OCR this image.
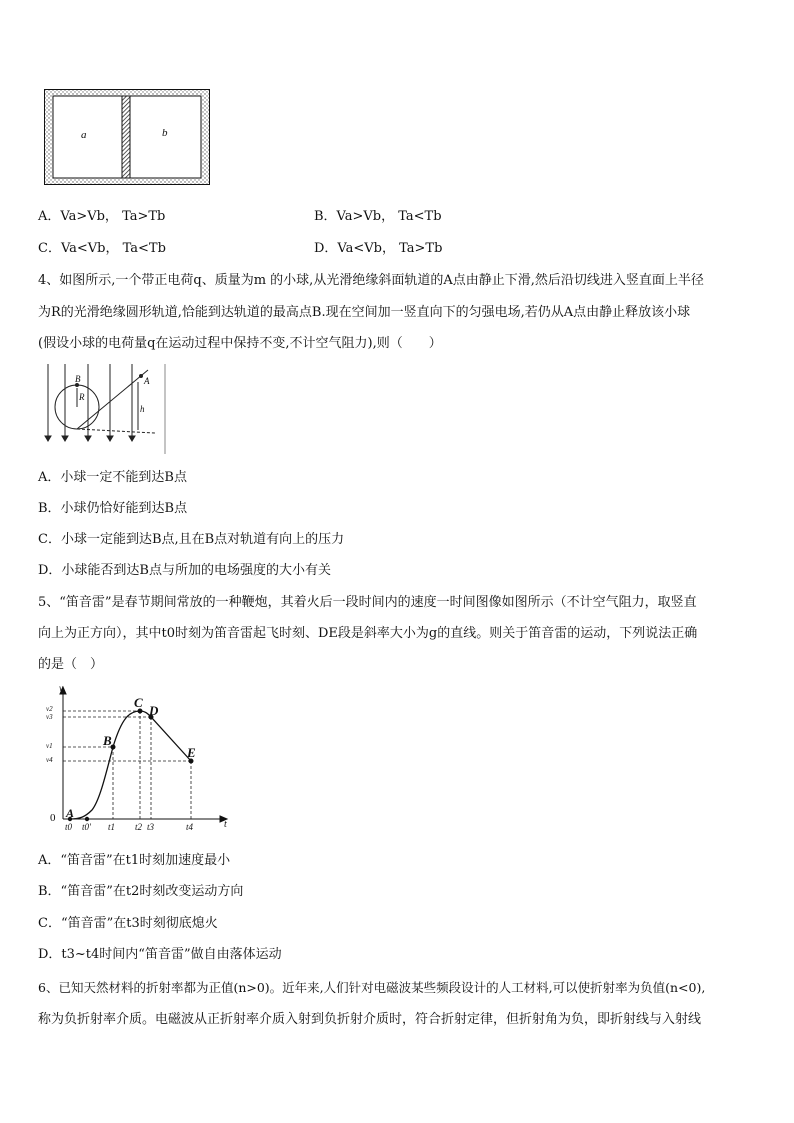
a	b
A．Va>Vb， Ta>Tb	B．Va>Vb， Ta<Tb
C．Va<Vb， Ta<Tb	D．Va<Vb， Ta>Tb
4、如图所示,一个带正电荷q、质量为m 的小球,从光滑绝缘斜面轨道的A点由静止下滑,然后沿切线进入竖直面上半径
为R的光滑绝缘圆形轨道,恰能到达轨道的最高点B.现在空间加一竖直向下的匀强电场,若仍从A点由静止释放该小球
(假设小球的电荷量q在运动过程中保持不变,不计空气阻力),则（　　）
B
R
A
h
A．小球一定不能到达B点
B．小球仍恰好能到达B点
C．小球一定能到达B点,且在B点对轨道有向上的压力
D．小球能否到达B点与所加的电场强度的大小有关
5、“笛音雷”是春节期间常放的一种鞭炮，其着火后一段时间内的速度一时间图像如图所示（不计空气阻力，取竖直
向上为正方向），其中t0时刻为笛音雷起飞时刻、DE段是斜率大小为g的直线。则关于笛音雷的运动，下列说法正确
的是（　）
v
t
0
v2
v3
v1
v4
t0 t0' t1 t2 t3	t4
A
B
C
D
E
A．“笛音雷”在t1时刻加速度最小
B．“笛音雷”在t2时刻改变运动方向
C．“笛音雷”在t3时刻彻底熄火
D．t3~t4时间内“笛音雷”做自由落体运动
6、已知天然材料的折射率都为正值(n>0)。近年来,人们针对电磁波某些频段设计的人工材料,可以使折射率为负值(n<0),
称为负折射率介质。电磁波从正折射率介质入射到负折射介质时，符合折射定律，但折射角为负，即折射线与入射线
